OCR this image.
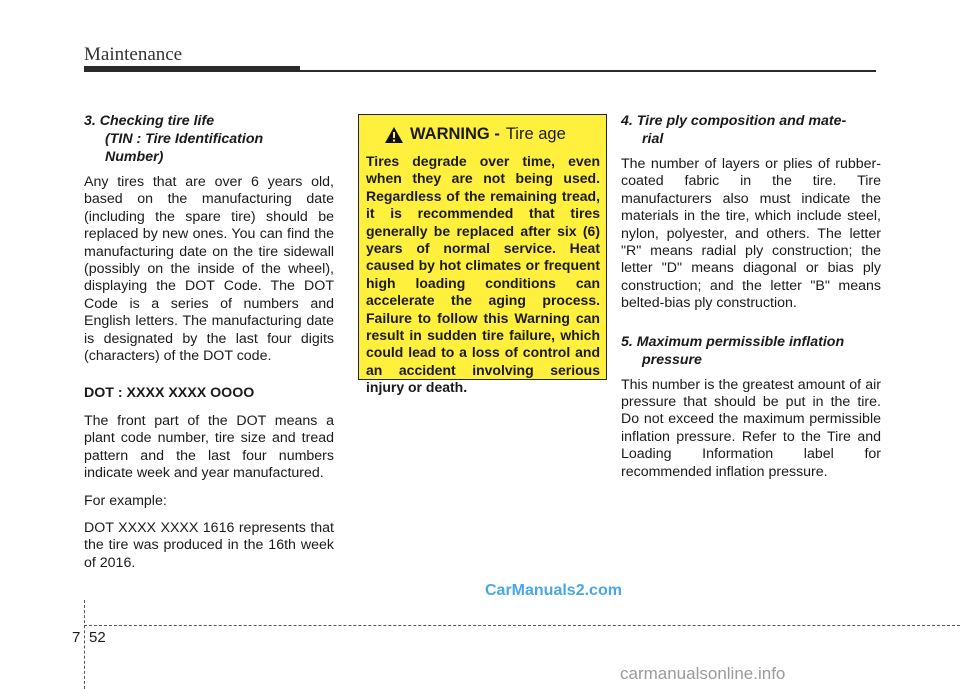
Maintenance
3. Checking tire life
(TIN : Tire Identification
Number)

Any tires that are over 6 years old, based on the manufacturing date (including the spare tire) should be replaced by new ones. You can find the manufacturing date on the tire sidewall (possibly on the inside of the wheel), displaying the DOT Code. The DOT Code is a series of numbers and English letters. The manufacturing date is designated by the last four digits (characters) of the DOT code.

DOT : XXXX XXXX OOOO

The front part of the DOT means a plant code number, tire size and tread pattern and the last four numbers indicate week and year manufactured.

For example:

DOT XXXX XXXX 1616 represents that the tire was produced in the 16th week of 2016.

WARNING - Tire age
Tires degrade over time, even when they are not being used. Regardless of the remaining tread, it is recommended that tires generally be replaced after six (6) years of normal service. Heat caused by hot climates or frequent high loading conditions can accelerate the aging process. Failure to follow this Warning can result in sudden tire failure, which could lead to a loss of control and an accident involving serious injury or death.
4. Tire ply composition and mate-
rial

The number of layers or plies of rubber-coated fabric in the tire. Tire manufacturers also must indicate the materials in the tire, which include steel, nylon, polyester, and others. The letter "R" means radial ply construction; the letter "D" means diagonal or bias ply construction; and the letter "B" means belted-bias ply construction.

5. Maximum permissible inflation
pressure

This number is the greatest amount of air pressure that should be put in the tire. Do not exceed the maximum permissible inflation pressure. Refer to the Tire and Loading Information label for recommended inflation pressure.

CarManuals2.com
7 52
carmanualsonline.info
